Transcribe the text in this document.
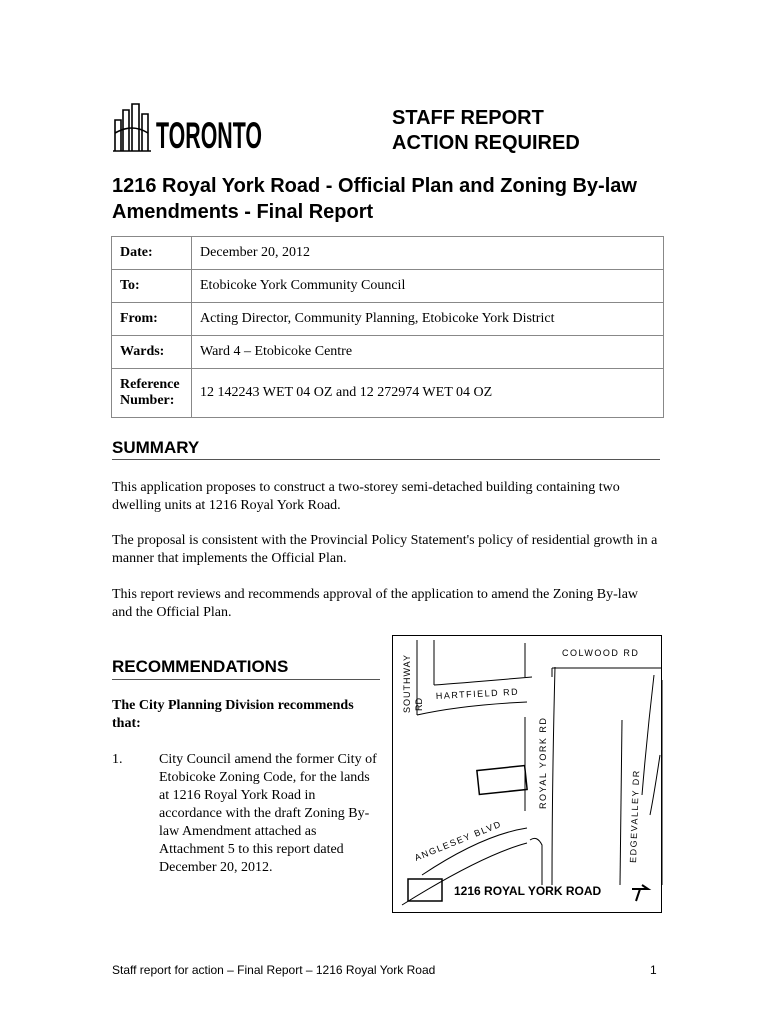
TORONTO	STAFF REPORT
ACTION REQUIRED
1216 Royal York Road - Official Plan and Zoning By-law Amendments - Final Report
Date:	December 20, 2012
To:	Etobicoke York Community Council
From:	Acting Director, Community Planning, Etobicoke York District
Wards:	Ward 4 – Etobicoke Centre

Reference
Number:	12 142243 WET 04 OZ and 12 272974 WET 04 OZ
SUMMARY

This application proposes to construct a two-storey semi-detached building containing two dwelling units at 1216 Royal York Road.

The proposal is consistent with the Provincial Policy Statement's policy of residential growth in a manner that implements the Official Plan.

This report reviews and recommends approval of the application to amend the Zoning By-law and the Official Plan.

RECOMMENDATIONS

The City Planning Division recommends that:

1.	City Council amend the former City of Etobicoke Zoning Code, for the lands at 1216 Royal York Road in accordance with the draft Zoning By-law Amendment attached as Attachment 5 to this report dated December 20, 2012.

COLWOOD RD
SOUTHWAY RD
HARTFIELD RD
ROYAL YORK RD
ANGLESEY BLVD	EDGEVALLEY DR
1216 ROYAL YORK ROAD
Staff report for action – Final Report – 1216 Royal York Road	1
